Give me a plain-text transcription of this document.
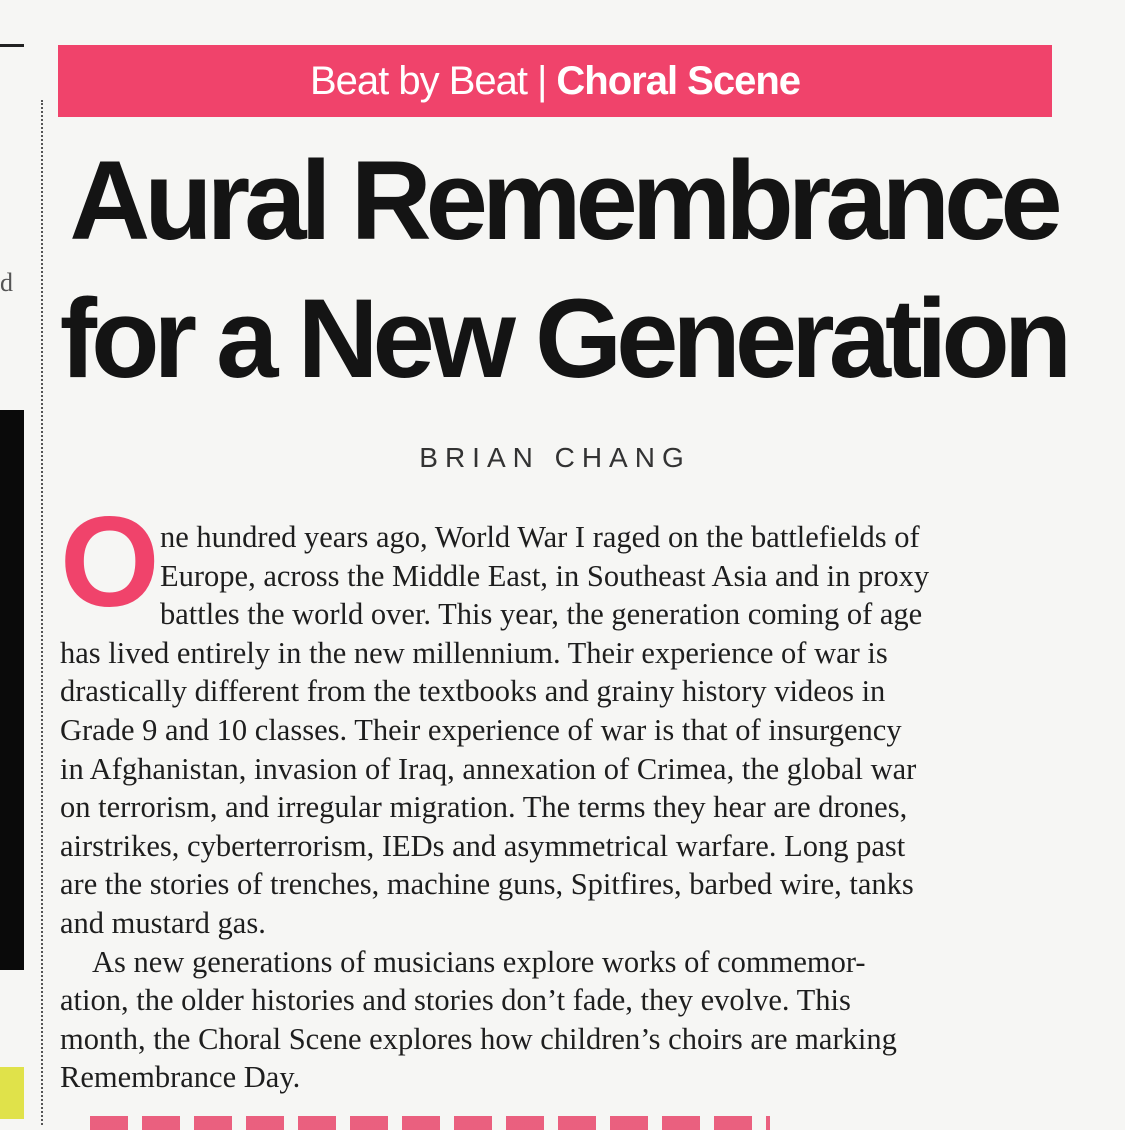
d
Beat by Beat | Choral Scene
Aural Remembrance
for a New Generation
BRIAN CHANG
O ne hundred years ago, World War I raged on the battlefields of
Europe, across the Middle East, in Southeast Asia and in proxy
battles the world over. This year, the generation coming of age
has lived entirely in the new millennium. Their experience of war is
drastically different from the textbooks and grainy history videos in
Grade 9 and 10 classes. Their experience of war is that of insurgency
in Afghanistan, invasion of Iraq, annexation of Crimea, the global war
on terrorism, and irregular migration. The terms they hear are drones,
airstrikes, cyberterrorism, IEDs and asymmetrical warfare. Long past
are the stories of trenches, machine guns, Spitfires, barbed wire, tanks
and mustard gas.
As new generations of musicians explore works of commemor-
ation, the older histories and stories don’t fade, they evolve. This
month, the Choral Scene explores how children’s choirs are marking
Remembrance Day.
